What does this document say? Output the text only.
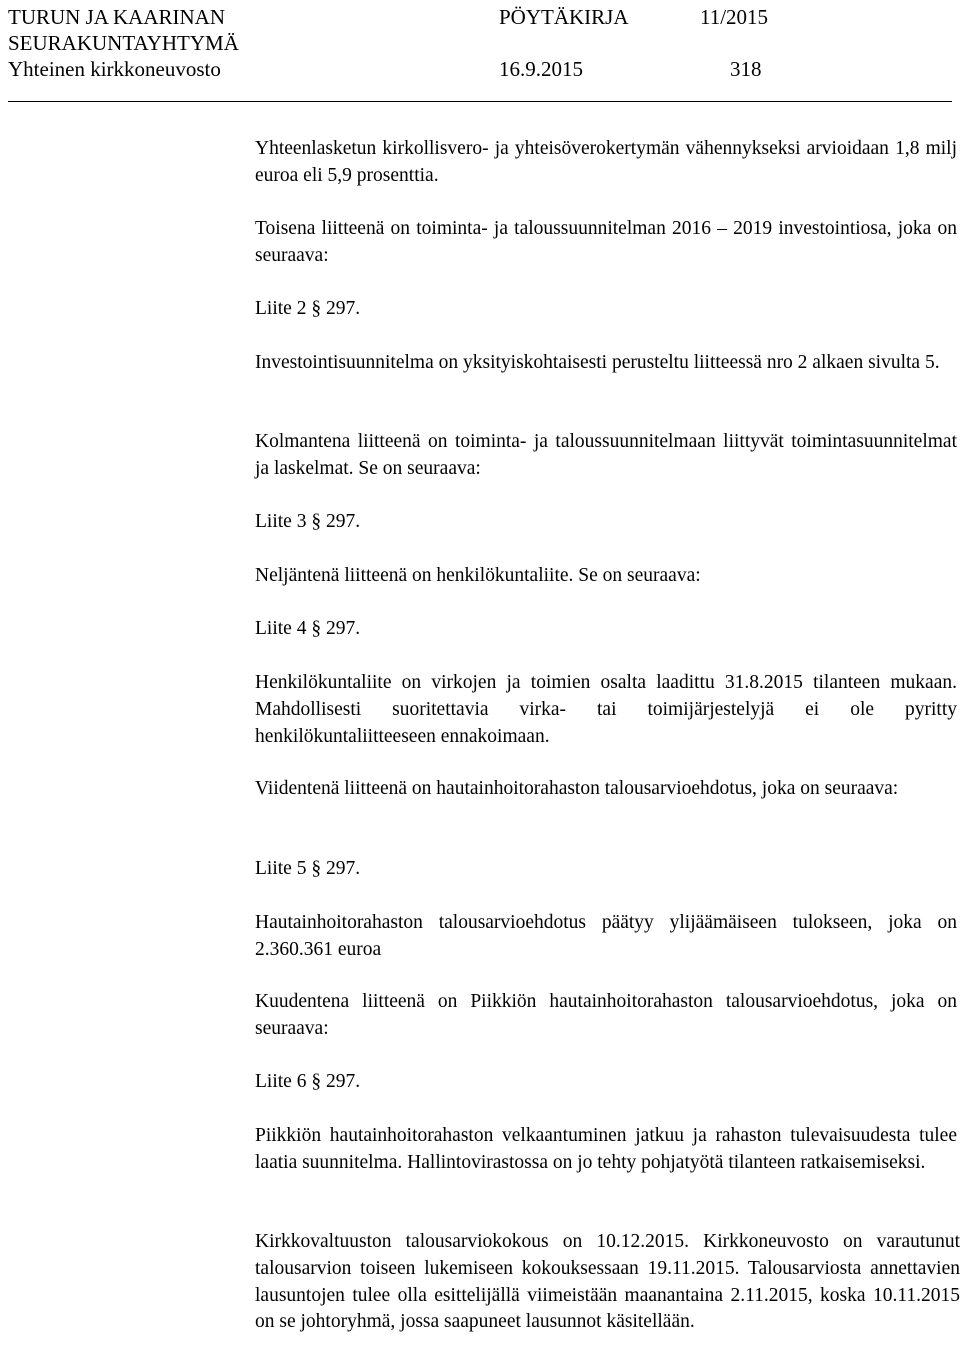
TURUN JA KAARINAN
SEURAKUNTAYHTYMÄ
Yhteinen kirkkoneuvosto
PÖYTÄKIRJA
16.9.2015
11/2015
318
Yhteenlasketun kirkollisvero- ja yhteisöverokertymän vähennykseksi arvioidaan 1,8 milj euroa eli 5,9 prosenttia.
Toisena liitteenä on toiminta- ja taloussuunnitelman 2016 – 2019 investointiosa, joka on seuraava:
Liite 2 § 297.
Investointisuunnitelma on yksityiskohtaisesti perusteltu liitteessä nro 2 alkaen sivulta 5.
Kolmantena liitteenä on toiminta- ja taloussuunnitelmaan liittyvät toimintasuunnitelmat ja laskelmat. Se on seuraava:
Liite 3 § 297.
Neljäntenä liitteenä on henkilökuntaliite. Se on seuraava:
Liite 4 § 297.
Henkilökuntaliite on virkojen ja toimien osalta laadittu 31.8.2015 tilanteen mukaan. Mahdollisesti suoritettavia virka- tai toimijärjestelyjä ei ole pyritty henkilökuntaliitteeseen ennakoimaan.
Viidentenä liitteenä on hautainhoitorahaston talousarvioehdotus, joka on seuraava:
Liite 5 § 297.
Hautainhoitorahaston talousarvioehdotus päätyy ylijäämäiseen tulokseen, joka on 2.360.361 euroa
Kuudentena liitteenä on Piikkiön hautainhoitorahaston talousarvioehdotus, joka on seuraava:
Liite 6 § 297.
Piikkiön hautainhoitorahaston velkaantuminen jatkuu ja rahaston tulevaisuudesta tulee laatia suunnitelma. Hallintovirastossa on jo tehty pohjatyötä tilanteen ratkaisemiseksi.
Kirkkovaltuuston talousarviokokous on 10.12.2015. Kirkkoneuvosto on varautunut talousarvion toiseen lukemiseen kokouksessaan 19.11.2015. Talousarviosta annettavien lausuntojen tulee olla esittelijällä viimeistään maanantaina 2.11.2015, koska 10.11.2015 on se johtoryhmä, jossa saapuneet lausunnot käsitellään.
